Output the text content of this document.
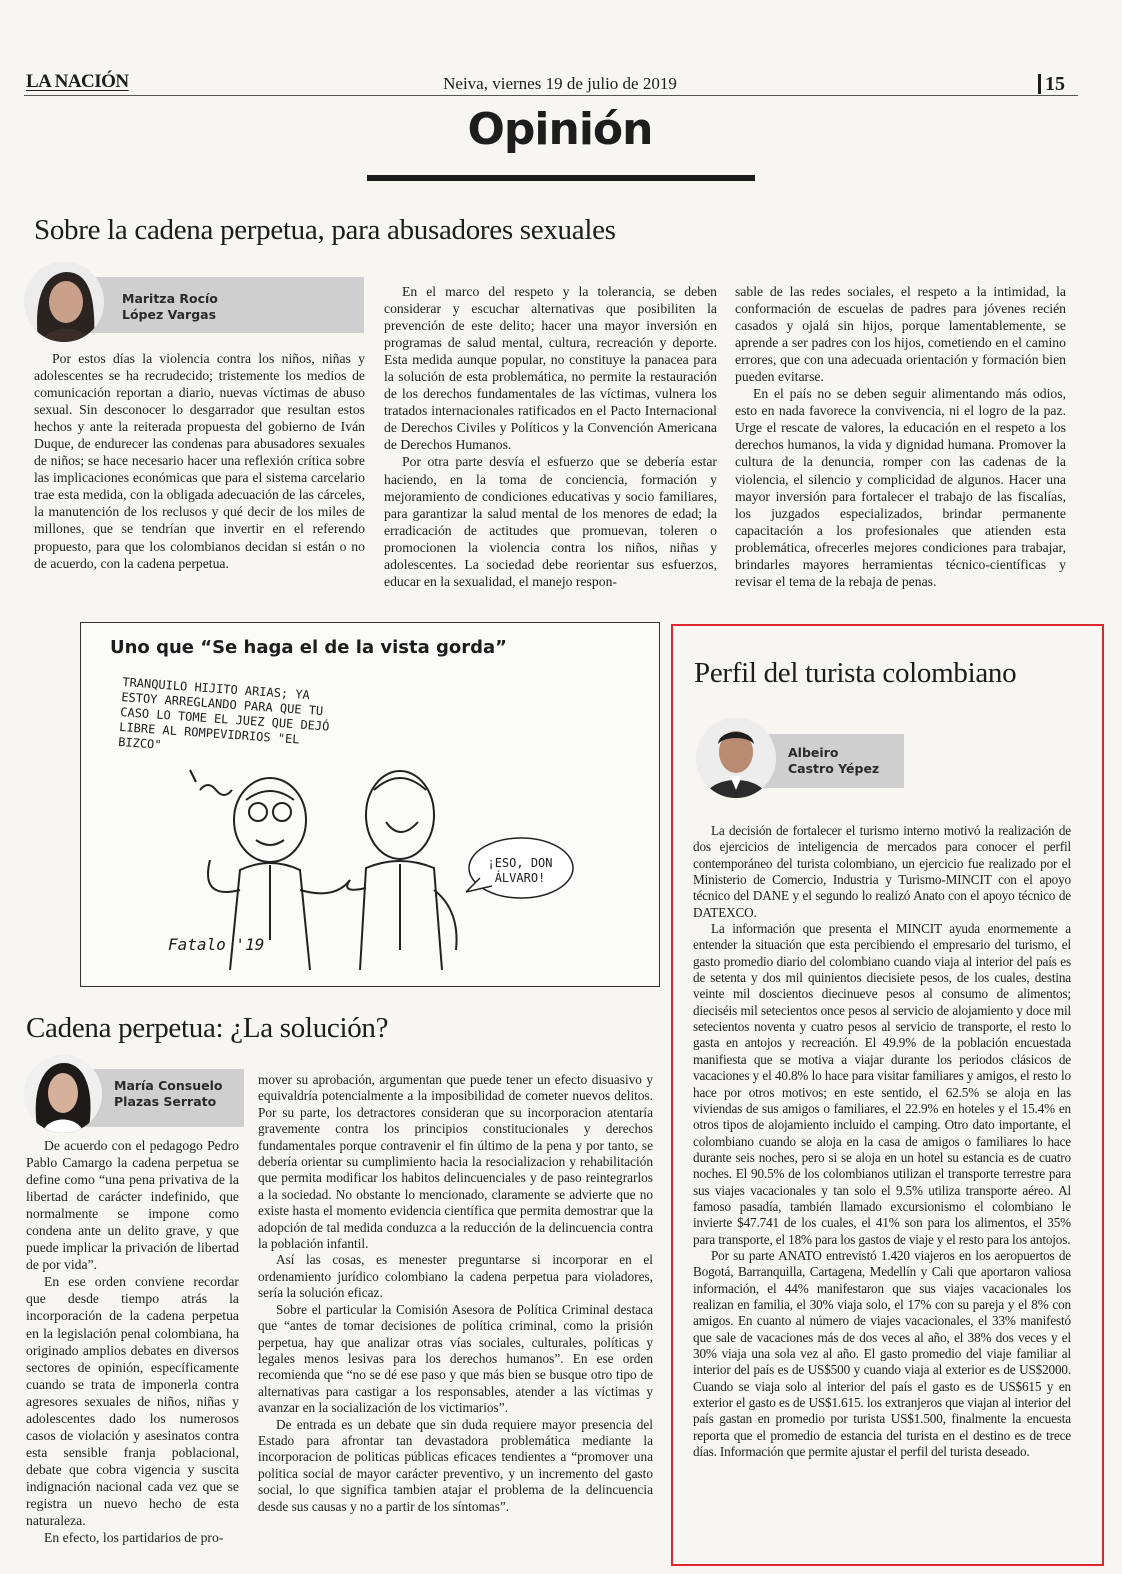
LA NACIÓN	Neiva, viernes 19 de julio de 2019	15
Opinión
Sobre la cadena perpetua, para abusadores sexuales
Maritza Rocío
López Vargas

Por estos días la violencia contra los niños, niñas y adolescentes se ha recrudecido; tristemente los medios de comunicación reportan a diario, nuevas víctimas de abuso sexual. Sin desconocer lo desgarrador que resultan estos hechos y ante la reiterada propuesta del gobierno de Iván Duque, de endurecer las condenas para abusadores sexuales de niños; se hace necesario hacer una reflexión crítica sobre las implicaciones económicas que para el sistema carcelario trae esta medida, con la obligada adecuación de las cárceles, la manutención de los reclusos y qué decir de los miles de millones, que se tendrían que invertir en el referendo propuesto, para que los colombianos decidan si están o no de acuerdo, con la cadena perpetua.

En el marco del respeto y la tolerancia, se deben considerar y escuchar alternativas que posibiliten la prevención de este delito; hacer una mayor inversión en programas de salud mental, cultura, recreación y deporte. Esta medida aunque popular, no constituye la panacea para la solución de esta problemática, no permite la restauración de los derechos fundamentales de las víctimas, vulnera los tratados internacionales ratificados en el Pacto Internacional de Derechos Civiles y Políticos y la Convención Americana de Derechos Humanos.

Por otra parte desvía el esfuerzo que se debería estar haciendo, en la toma de conciencia, formación y mejoramiento de condiciones educativas y socio familiares, para garantizar la salud mental de los menores de edad; la erradicación de actitudes que promuevan, toleren o promocionen la violencia contra los niños, niñas y adolescentes. La sociedad debe reorientar sus esfuerzos, educar en la sexualidad, el manejo respon-

sable de las redes sociales, el respeto a la intimidad, la conformación de escuelas de padres para jóvenes recién casados y ojalá sin hijos, porque lamentablemente, se aprende a ser padres con los hijos, cometiendo en el camino errores, que con una adecuada orientación y formación bien pueden evitarse.

En el país no se deben seguir alimentando más odios, esto en nada favorece la convivencia, ni el logro de la paz. Urge el rescate de valores, la educación en el respeto a los derechos humanos, la vida y dignidad humana. Promover la cultura de la denuncia, romper con las cadenas de la violencia, el silencio y complicidad de algunos. Hacer una mayor inversión para fortalecer el trabajo de las fiscalías, los juzgados especializados, brindar permanente capacitación a los profesionales que atienden esta problemática, ofrecerles mejores condiciones para trabajar, brindarles mayores herramientas técnico-científicas y revisar el tema de la rebaja de penas.

Uno que “Se haga el de la vista gorda”
TRANQUILO HIJITO ARIAS; YA ESTOY ARREGLANDO PARA QUE TU CASO LO TOME EL JUEZ QUE DEJÓ LIBRE AL ROMPEVIDRIOS "EL BIZCO"
¡ESO, DON ÁLVARO!
Fatalo '19
Cadena perpetua: ¿La solución?
María Consuelo
Plazas Serrato

De acuerdo con el pedagogo Pedro Pablo Camargo la cadena perpetua se define como “una pena privativa de la libertad de carácter indefinido, que normalmente se impone como condena ante un delito grave, y que puede implicar la privación de libertad de por vida”.

En ese orden conviene recordar que desde tiempo atrás la incorporación de la cadena perpetua en la legislación penal colombiana, ha originado amplios debates en diversos sectores de opinión, específicamente cuando se trata de imponerla contra agresores sexuales de niños, niñas y adolescentes dado los numerosos casos de violación y asesinatos contra esta sensible franja poblacional, debate que cobra vigencia y suscita indignación nacional cada vez que se registra un nuevo hecho de esta naturaleza.

En efecto, los partidarios de pro-

mover su aprobación, argumentan que puede tener un efecto disuasivo y equivaldría potencialmente a la imposibilidad de cometer nuevos delitos. Por su parte, los detractores consideran que su incorporacion atentaría gravemente contra los principios constitucionales y derechos fundamentales porque contravenir el fin último de la pena y por tanto, se debería orientar su cumplimiento hacia la resocializacion y rehabilitación que permita modificar los habitos delincuenciales y de paso reintegrarlos a la sociedad. No obstante lo mencionado, claramente se advierte que no existe hasta el momento evidencia científica que permita demostrar que la adopción de tal medida conduzca a la reducción de la delincuencia contra la población infantil.

Así las cosas, es menester preguntarse si incorporar en el ordenamiento jurídico colombiano la cadena perpetua para violadores, sería la solución eficaz.

Sobre el particular la Comisión Asesora de Política Criminal destaca que “antes de tomar decisiones de política criminal, como la prisión perpetua, hay que analizar otras vías sociales, culturales, políticas y legales menos lesivas para los derechos humanos”. En ese orden recomienda que “no se dé ese paso y que más bien se busque otro tipo de alternativas para castigar a los responsables, atender a las víctimas y avanzar en la socialización de los victimarios”.

De entrada es un debate que sin duda requiere mayor presencia del Estado para afrontar tan devastadora problemática mediante la incorporacion de politicas públicas eficaces tendientes a “promover una politica social de mayor carácter preventivo, y un incremento del gasto social, lo que significa tambien atajar el problema de la delincuencia desde sus causas y no a partir de los síntomas”.

Perfil del turista colombiano
Albeiro
Castro Yépez

La decisión de fortalecer el turismo interno motivó la realización de dos ejercicios de inteligencia de mercados para conocer el perfil contemporáneo del turista colombiano, un ejercicio fue realizado por el Ministerio de Comercio, Industria y Turismo-MINCIT con el apoyo técnico del DANE y el segundo lo realizó Anato con el apoyo técnico de DATEXCO.

La información que presenta el MINCIT ayuda enormemente a entender la situación que esta percibiendo el empresario del turismo, el gasto promedio diario del colombiano cuando viaja al interior del país es de setenta y dos mil quinientos diecisiete pesos, de los cuales, destina veinte mil doscientos diecinueve pesos al consumo de alimentos; dieciséis mil setecientos once pesos al servicio de alojamiento y doce mil setecientos noventa y cuatro pesos al servicio de transporte, el resto lo gasta en antojos y recreación. El 49.9% de la población encuestada manifiesta que se motiva a viajar durante los periodos clásicos de vacaciones y el 40.8% lo hace para visitar familiares y amigos, el resto lo hace por otros motivos; en este sentido, el 62.5% se aloja en las viviendas de sus amigos o familiares, el 22.9% en hoteles y el 15.4% en otros tipos de alojamiento incluido el camping. Otro dato importante, el colombiano cuando se aloja en la casa de amigos o familiares lo hace durante seis noches, pero si se aloja en un hotel su estancia es de cuatro noches. El 90.5% de los colombianos utilizan el transporte terrestre para sus viajes vacacionales y tan solo el 9.5% utiliza transporte aéreo. Al famoso pasadía, también llamado excursionismo el colombiano le invierte $47.741 de los cuales, el 41% son para los alimentos, el 35% para transporte, el 18% para los gastos de viaje y el resto para los antojos.

Por su parte ANATO entrevistó 1.420 viajeros en los aeropuertos de Bogotá, Barranquilla, Cartagena, Medellín y Cali que aportaron valiosa información, el 44% manifestaron que sus viajes vacacionales los realizan en familia, el 30% viaja solo, el 17% con su pareja y el 8% con amigos. En cuanto al número de viajes vacacionales, el 33% manifestó que sale de vacaciones más de dos veces al año, el 38% dos veces y el 30% viaja una sola vez al año. El gasto promedio del viaje familiar al interior del país es de US$500 y cuando viaja al exterior es de US$2000. Cuando se viaja solo al interior del país el gasto es de US$615 y en exterior el gasto es de US$1.615. los extranjeros que viajan al interior del país gastan en promedio por turista US$1.500, finalmente la encuesta reporta que el promedio de estancia del turista en el destino es de trece días. Información que permite ajustar el perfil del turista deseado.
